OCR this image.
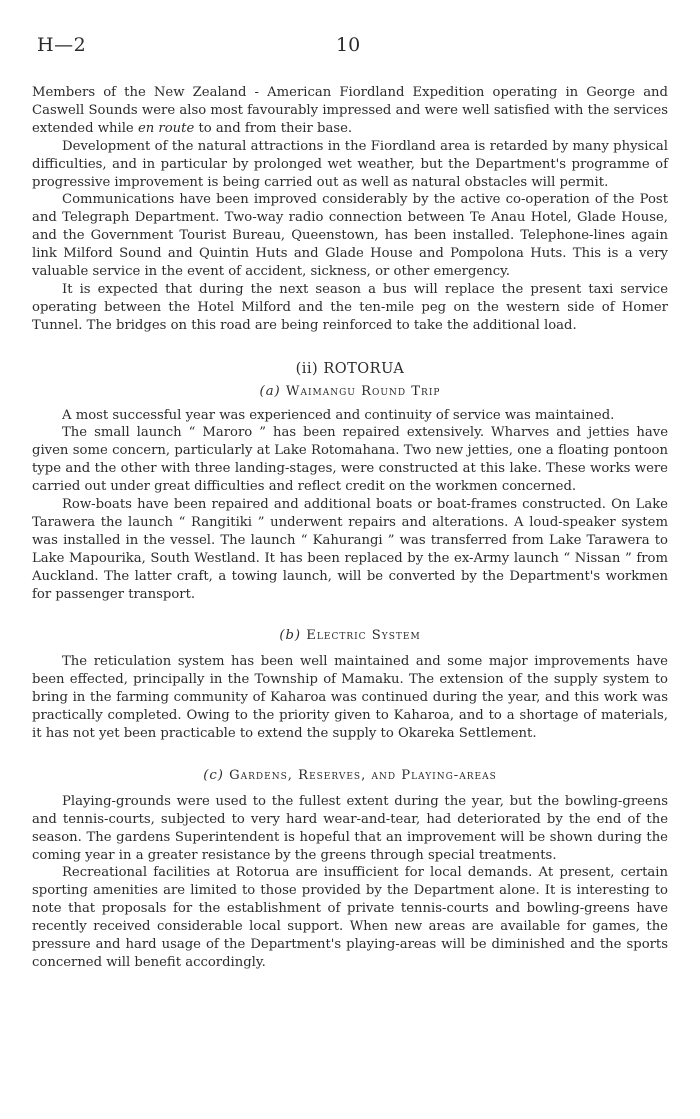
H—2	10

Members of the New Zealand - American Fiordland Expedition operating in George and Caswell Sounds were also most favourably impressed and were well satisfied with the services extended while en route to and from their base.

Development of the natural attractions in the Fiordland area is retarded by many physical difficulties, and in particular by prolonged wet weather, but the Department's programme of progressive improvement is being carried out as well as natural obstacles will permit.

Communications have been improved considerably by the active co-operation of the Post and Telegraph Department. Two-way radio connection between Te Anau Hotel, Glade House, and the Government Tourist Bureau, Queenstown, has been installed. Telephone-lines again link Milford Sound and Quintin Huts and Glade House and Pompolona Huts. This is a very valuable service in the event of accident, sickness, or other emergency.

It is expected that during the next season a bus will replace the present taxi service operating between the Hotel Milford and the ten-mile peg on the western side of Homer Tunnel. The bridges on this road are being reinforced to take the additional load.

(ii) ROTORUA
(a) Waimangu Round Trip

A most successful year was experienced and continuity of service was maintained.

The small launch “ Maroro ” has been repaired extensively. Wharves and jetties have given some concern, particularly at Lake Rotomahana. Two new jetties, one a floating pontoon type and the other with three landing-stages, were constructed at this lake. These works were carried out under great difficulties and reflect credit on the workmen concerned.

Row-boats have been repaired and additional boats or boat-frames constructed. On Lake Tarawera the launch “ Rangitiki ” underwent repairs and alterations. A loud-speaker system was installed in the vessel. The launch “ Kahurangi ” was transferred from Lake Tarawera to Lake Mapourika, South Westland. It has been replaced by the ex-Army launch “ Nissan ” from Auckland. The latter craft, a towing launch, will be converted by the Department's workmen for passenger transport.

(b) Electric System

The reticulation system has been well maintained and some major improvements have been effected, principally in the Township of Mamaku. The extension of the supply system to bring in the farming community of Kaharoa was continued during the year, and this work was practically completed. Owing to the priority given to Kaharoa, and to a shortage of materials, it has not yet been practicable to extend the supply to Okareka Settlement.

(c) Gardens, Reserves, and Playing-areas

Playing-grounds were used to the fullest extent during the year, but the bowling-greens and tennis-courts, subjected to very hard wear-and-tear, had deteriorated by the end of the season. The gardens Superintendent is hopeful that an improvement will be shown during the coming year in a greater resistance by the greens through special treatments.

Recreational facilities at Rotorua are insufficient for local demands. At present, certain sporting amenities are limited to those provided by the Department alone. It is interesting to note that proposals for the establishment of private tennis-courts and bowling-greens have recently received considerable local support. When new areas are available for games, the pressure and hard usage of the Department's playing-areas will be diminished and the sports concerned will benefit accordingly.
